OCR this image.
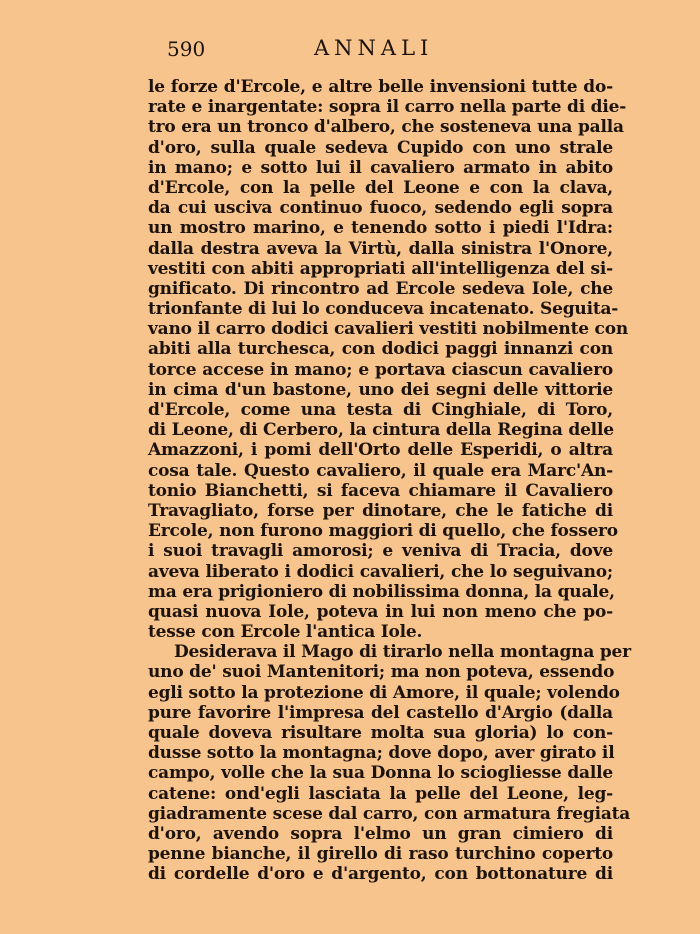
590	ANNALI
le forze d'Ercole, e altre belle invensioni tutte do-
rate e inargentate: sopra il carro nella parte di die-
tro era un tronco d'albero, che sosteneva una palla
d'oro, sulla quale sedeva Cupido con uno strale
in mano; e sotto lui il cavaliero armato in abito
d'Ercole, con la pelle del Leone e con la clava,
da cui usciva continuo fuoco, sedendo egli sopra
un mostro marino, e tenendo sotto i piedi l'Idra:
dalla destra aveva la Virtù, dalla sinistra l'Onore,
vestiti con abiti appropriati all'intelligenza del si-
gnificato. Di rincontro ad Ercole sedeva Iole, che
trionfante di lui lo conduceva incatenato. Seguita-
vano il carro dodici cavalieri vestiti nobilmente con
abiti alla turchesca, con dodici paggi innanzi con
torce accese in mano; e portava ciascun cavaliero
in cima d'un bastone, uno dei segni delle vittorie
d'Ercole, come una testa di Cinghiale, di Toro,
di Leone, di Cerbero, la cintura della Regina delle
Amazzoni, i pomi dell'Orto delle Esperidi, o altra
cosa tale. Questo cavaliero, il quale era Marc'An-
tonio Bianchetti, si faceva chiamare il Cavaliero
Travagliato, forse per dinotare, che le fatiche di
Ercole, non furono maggiori di quello, che fossero
i suoi travagli amorosi; e veniva di Tracia, dove
aveva liberato i dodici cavalieri, che lo seguivano;
ma era prigioniero di nobilissima donna, la quale,
quasi nuova Iole, poteva in lui non meno che po-
tesse con Ercole l'antica Iole.
Desiderava il Mago di tirarlo nella montagna per
uno de' suoi Mantenitori; ma non poteva, essendo
egli sotto la protezione di Amore, il quale; volendo
pure favorire l'impresa del castello d'Argio (dalla
quale doveva risultare molta sua gloria) lo con-
dusse sotto la montagna; dove dopo, aver girato il
campo, volle che la sua Donna lo sciogliesse dalle
catene: ond'egli lasciata la pelle del Leone, leg-
giadramente scese dal carro, con armatura fregiata
d'oro, avendo sopra l'elmo un gran cimiero di
penne bianche, il girello di raso turchino coperto
di cordelle d'oro e d'argento, con bottonature di
